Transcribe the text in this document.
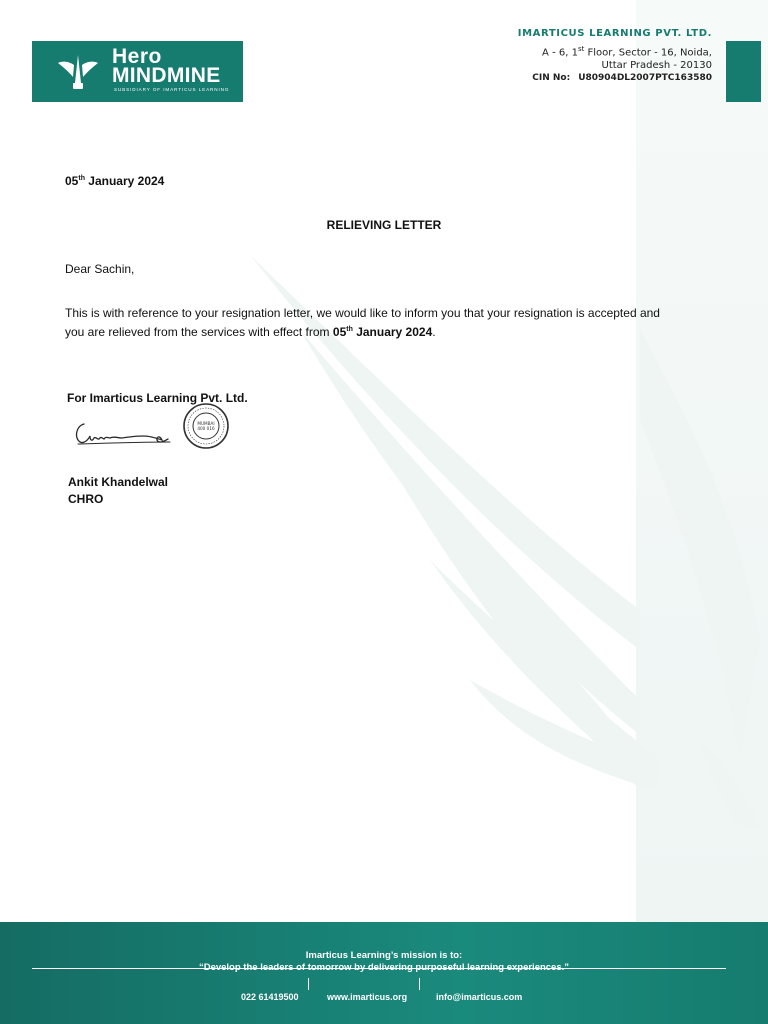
Hero
MINDMINE
SUBSIDIARY OF IMARTICUS LEARNING
IMARTICUS LEARNING PVT. LTD.
A - 6, 1st Floor, Sector - 16, Noida,
Uttar Pradesh - 20130
CIN No: U80904DL2007PTC163580
05th January 2024
RELIEVING LETTER
Dear Sachin,
This is with reference to your resignation letter, we would like to inform you that your resignation is accepted and you are relieved from the services with effect from 05th January 2024.
For Imarticus Learning Pvt. Ltd.
MUMBAI
400 016
Ankit Khandelwal
CHRO
Imarticus Learning’s mission is to:
“Develop the leaders of tomorrow by delivering purposeful learning experiences.”
022 61419500	www.imarticus.org	info@imarticus.com
